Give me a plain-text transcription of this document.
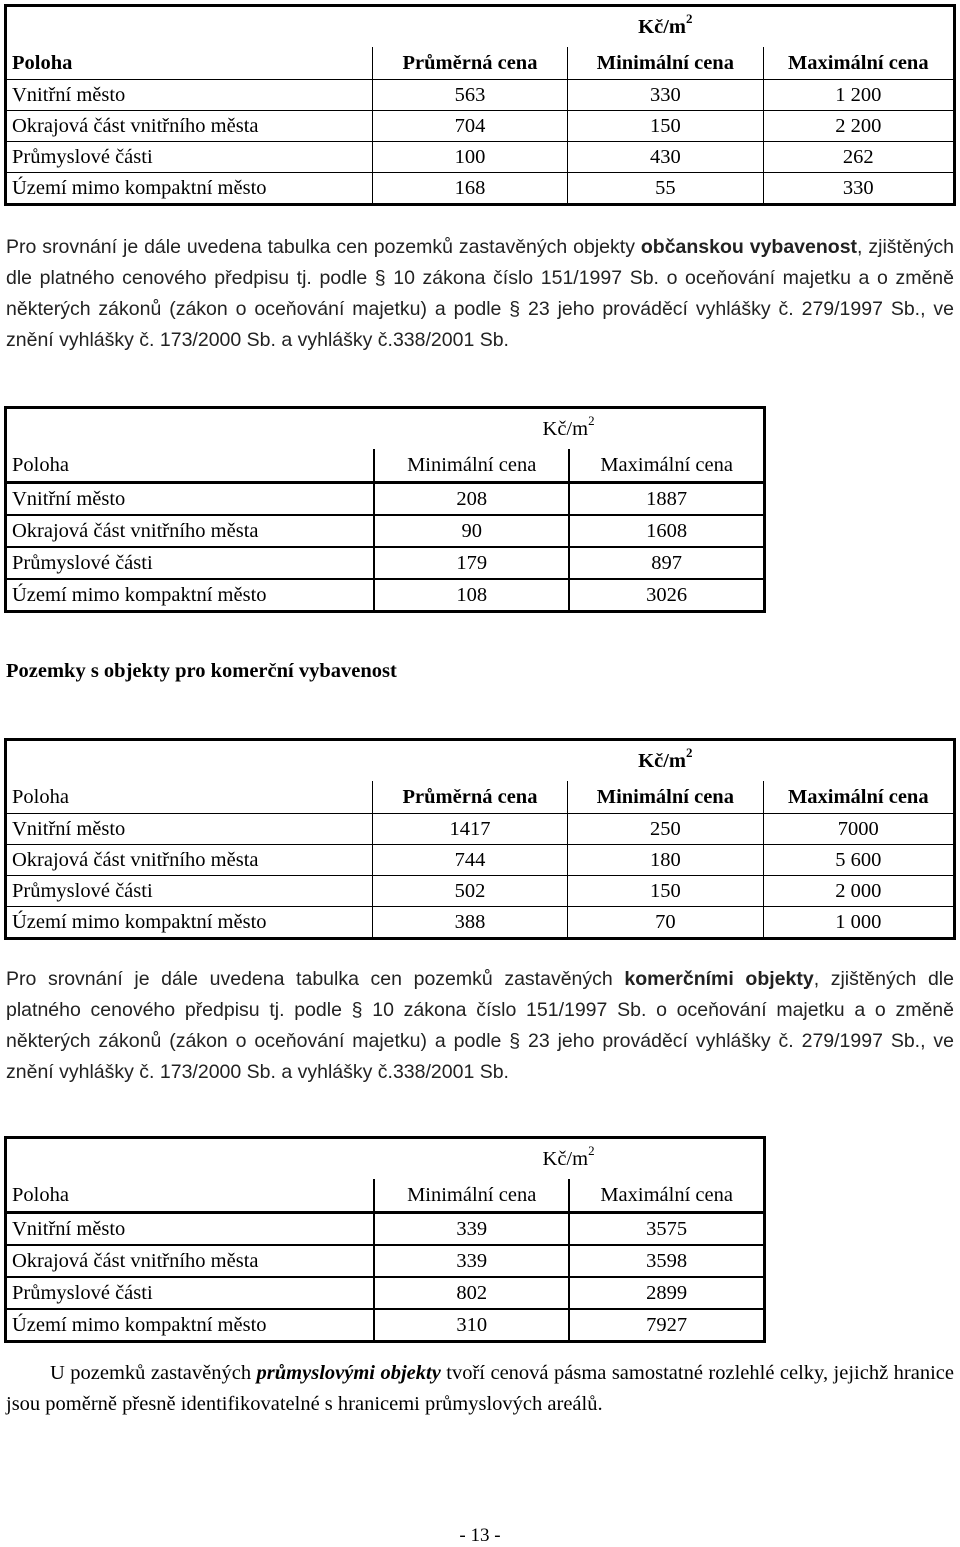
		$Kč/m^2$	
Poloha	Průměrná cena	Minimální cena	Maximální cena
Vnitřní město	563	330	1 200
Okrajová část vnitřního města	704	150	2 200
Průmyslové části	100	430	262
Území mimo kompaktní město	168	55	330

Pro srovnání je dále uvedena tabulka cen pozemků zastavěných objekty občanskou vybavenost, zjištěných dle platného cenového předpisu tj. podle § 10 zákona číslo 151/1997 Sb. o oceňování majetku a o změně některých zákonů (zákon o oceňování majetku) a podle § 23 jeho prováděcí vyhlášky č. 279/1997 Sb., ve znění vyhlášky č. 173/2000 Sb. a vyhlášky č.338/2001 Sb.

	$Kč/m^2$
Poloha	Minimální cena	Maximální cena
Vnitřní město	208	1887
Okrajová část vnitřního města	90	1608
Průmyslové části	179	897
Území mimo kompaktní město	108	3026

Pozemky s objekty pro komerční vybavenost

		$Kč/m^2$	
Poloha	Průměrná cena	Minimální cena	Maximální cena
Vnitřní město	1417	250	7000
Okrajová část vnitřního města	744	180	5 600
Průmyslové části	502	150	2 000
Území mimo kompaktní město	388	70	1 000

Pro srovnání je dále uvedena tabulka cen pozemků zastavěných komerčními objekty, zjištěných dle platného cenového předpisu tj. podle § 10 zákona číslo 151/1997 Sb. o oceňování majetku a o změně některých zákonů (zákon o oceňování majetku) a podle § 23 jeho prováděcí vyhlášky č. 279/1997 Sb., ve znění vyhlášky č. 173/2000 Sb. a vyhlášky č.338/2001 Sb.

	$Kč/m^2$
Poloha	Minimální cena	Maximální cena
Vnitřní město	339	3575
Okrajová část vnitřního města	339	3598
Průmyslové části	802	2899
Území mimo kompaktní město	310	7927

U pozemků zastavěných průmyslovými objekty tvoří cenová pásma samostatné rozlehlé celky, jejichž hranice jsou poměrně přesně identifikovatelné s hranicemi průmyslových areálů.

- 13 -
